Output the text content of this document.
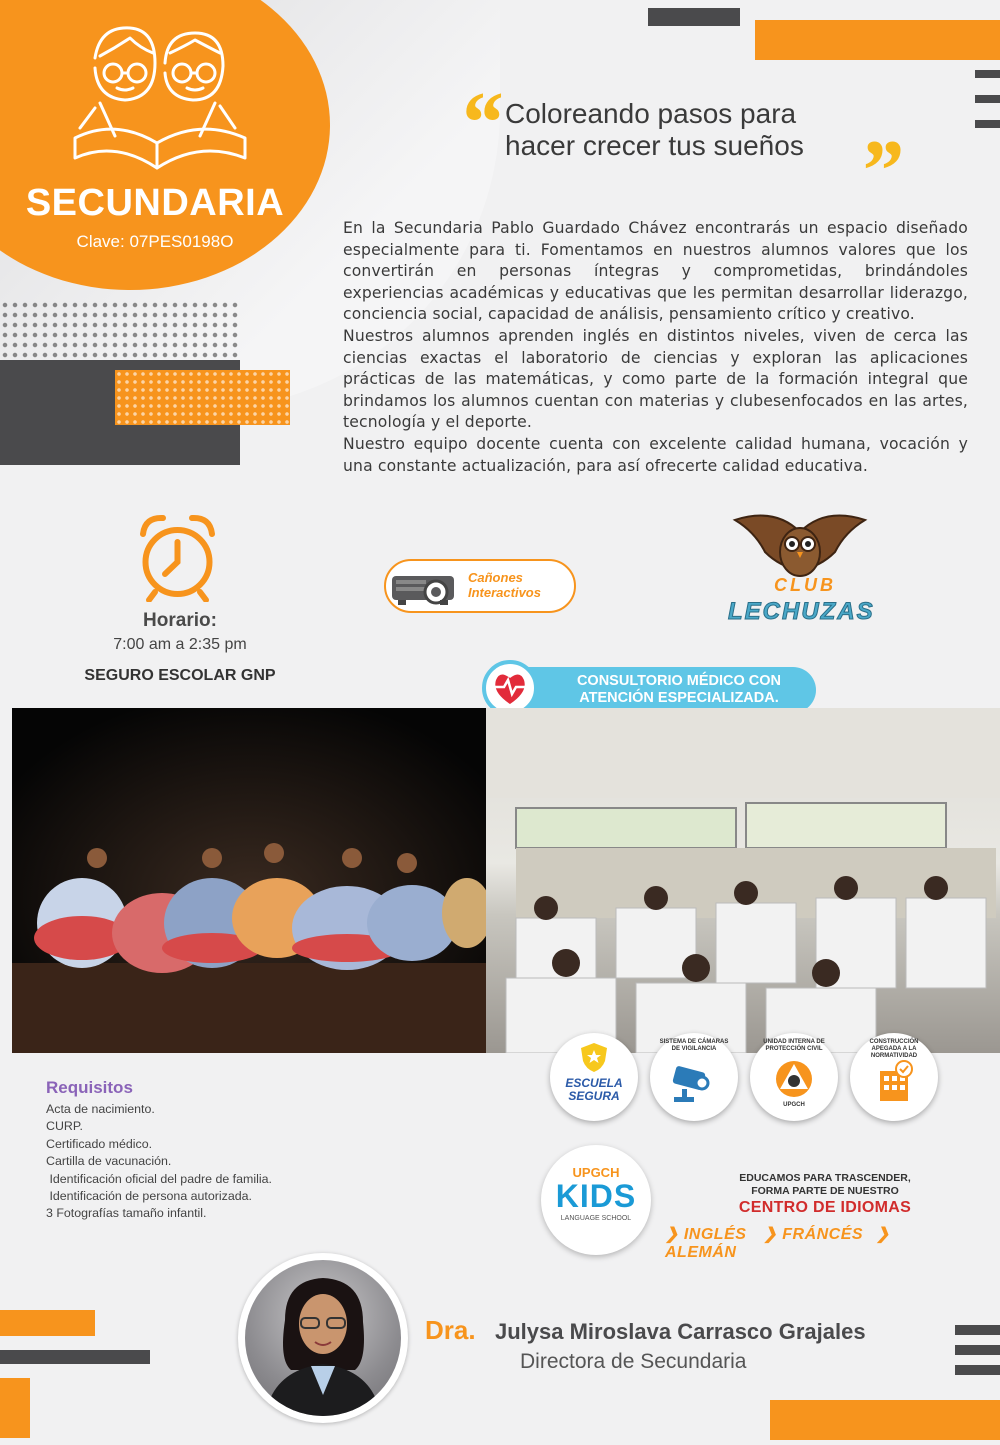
SECUNDARIA
Clave: 07PES0198O
“ Coloreando pasos para
hacer crecer tus sueños ”

En la Secundaria Pablo Guardado Chávez encontrarás un espacio diseñado especialmente para ti. Fomentamos en nuestros alumnos valores que los convertirán en personas íntegras y comprometidas, brindándoles experiencias académicas y educativas que les permitan desarrollar liderazgo, conciencia social, capacidad de análisis, pensamiento crítico y creativo.

Nuestros alumnos aprenden inglés en distintos niveles, viven de cerca las ciencias exactas el laboratorio de ciencias y exploran las aplicaciones prácticas de las matemáticas, y como parte de la formación integral que brindamos los alumnos cuentan con materias y clubesenfocados en las artes, tecnología y el deporte.

Nuestro equipo docente cuenta con excelente calidad humana, vocación y una constante actualización, para así ofrecerte calidad educativa.

Horario:
7:00 am a 2:35 pm
SEGURO ESCOLAR GNP
Cañones
Interactivos	CLUB
LECHUZAS
CONSULTORIO MÉDICO CON
ATENCIÓN ESPECIALIZADA.
Requisitos
Acta de nacimiento.
CURP.
Certificado médico.
Cartilla de vacunación.
Identificación oficial del padre de familia.
Identificación de persona autorizada.
3 Fotografías tamaño infantil.
ESCUELA
SEGURA
SISTEMA DE CÁMARAS DE VIGILANCIA
UNIDAD INTERNA DE PROTECCIÓN CIVIL
UPGCH
CONSTRUCCIÓN APEGADA A LA NORMATIVIDAD
UPGCH
KIDS
LANGUAGE SCHOOL
EDUCAMOS PARA TRASCENDER,
FORMA PARTE DE NUESTRO
CENTRO DE IDIOMAS
❯ INGLÉS ❯ FRÁNCÉS ❯ ALEMÁN
Dra. Julysa Miroslava Carrasco Grajales
Directora de Secundaria
